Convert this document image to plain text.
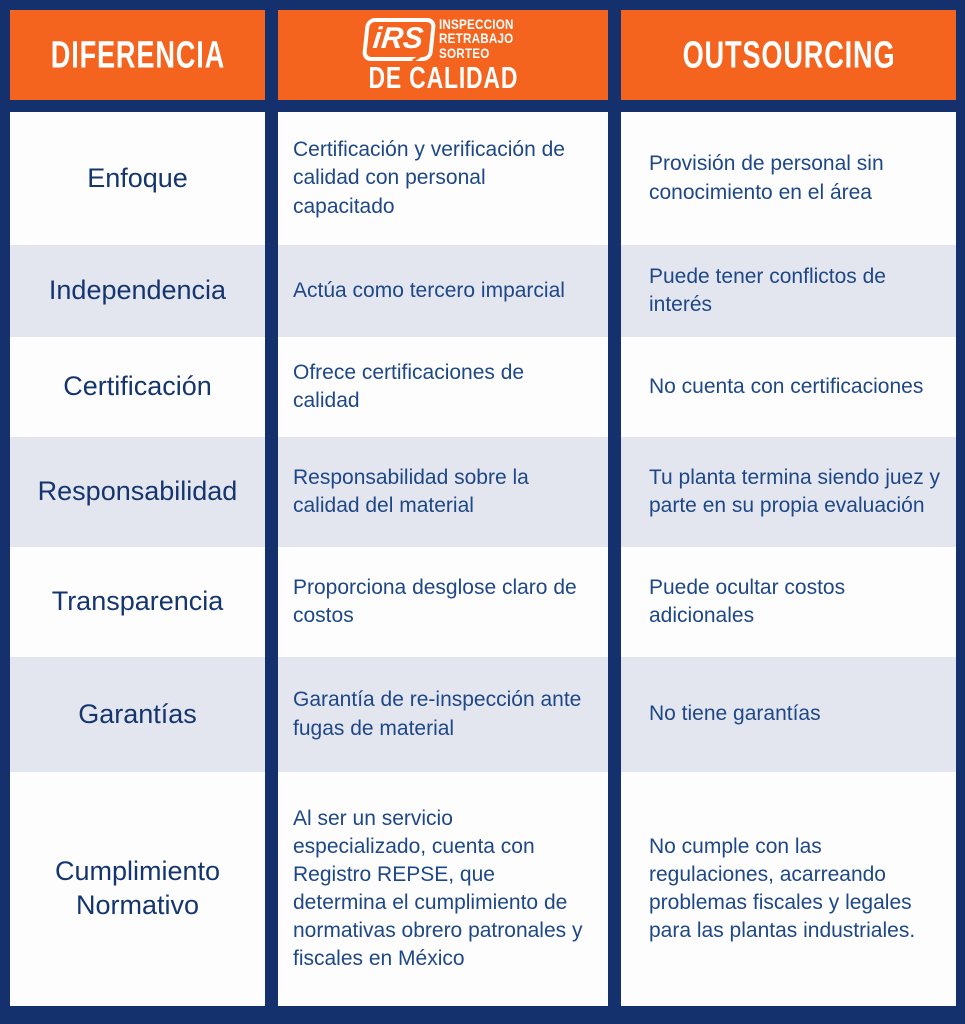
DIFERENCIA
Enfoque
Independencia
Certificación
Responsabilidad
Transparencia
Garantías
Cumplimiento Normativo
iRS	INSPECCION
RETRABAJO
SORTEO
DE CALIDAD
Certificación y verificación de calidad con personal capacitado
Actúa como tercero imparcial
Ofrece certificaciones de calidad
Responsabilidad sobre la calidad del material
Proporciona desglose claro de costos
Garantía de re-inspección ante fugas de material
Al ser un servicio especializado, cuenta con Registro REPSE, que determina el cumplimiento de normativas obrero patronales y fiscales en México
OUTSOURCING
Provisión de personal sin conocimiento en el área
Puede tener conflictos de interés
No cuenta con certificaciones
Tu planta termina siendo juez y parte en su propia evaluación
Puede ocultar costos adicionales
No tiene garantías
No cumple con las regulaciones, acarreando problemas fiscales y legales para las plantas industriales.
